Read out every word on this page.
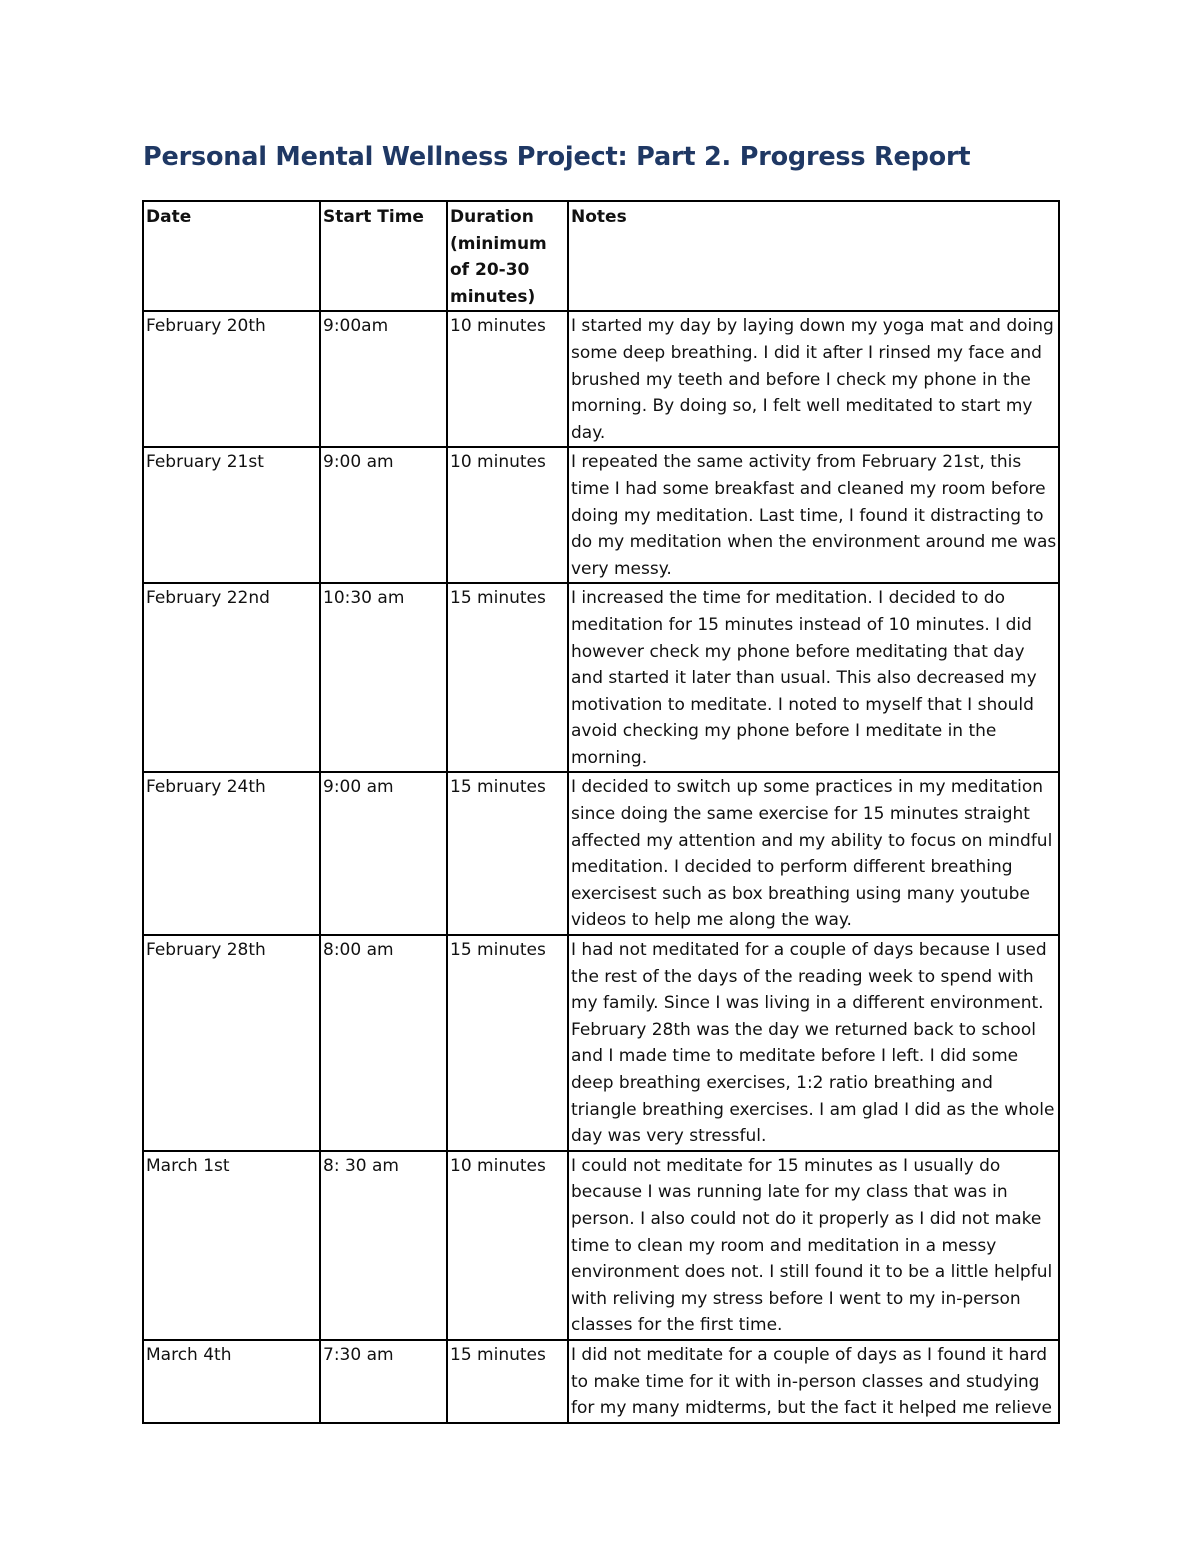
Personal Mental Wellness Project: Part 2. Progress Report
Date	Start Time	Duration (minimum of 20-30 minutes)	Notes

February 20th	9:00am	10 minutes	I started my day by laying down my yoga mat and doing some deep breathing. I did it after I rinsed my face and brushed my teeth and before I check my phone in the morning. By doing so, I felt well meditated to start my day.

February 21st	9:00 am	10 minutes	I repeated the same activity from February 21st, this time I had some breakfast and cleaned my room before doing my meditation. Last time, I found it distracting to do my meditation when the environment around me was very messy.

February 22nd	10:30 am	15 minutes	I increased the time for meditation. I decided to do meditation for 15 minutes instead of 10 minutes. I did however check my phone before meditating that day and started it later than usual. This also decreased my motivation to meditate. I noted to myself that I should avoid checking my phone before I meditate in the morning.

February 24th	9:00 am	15 minutes	I decided to switch up some practices in my meditation since doing the same exercise for 15 minutes straight affected my attention and my ability to focus on mindful meditation. I decided to perform different breathing exercisest such as box breathing using many youtube videos to help me along the way.

February 28th	8:00 am	15 minutes	I had not meditated for a couple of days because I used the rest of the days of the reading week to spend with my family. Since I was living in a different environment. February 28th was the day we returned back to school and I made time to meditate before I left. I did some deep breathing exercises, 1:2 ratio breathing and triangle breathing exercises. I am glad I did as the whole day was very stressful.

March 1st	8: 30 am	10 minutes	I could not meditate for 15 minutes as I usually do because I was running late for my class that was in person. I also could not do it properly as I did not make time to clean my room and meditation in a messy environment does not. I still found it to be a little helpful with reliving my stress before I went to my in-person classes for the first time.

March 4th	7:30 am	15 minutes	I did not meditate for a couple of days as I found it hard to make time for it with in-person classes and studying for my many midterms, but the fact it helped me relieve
